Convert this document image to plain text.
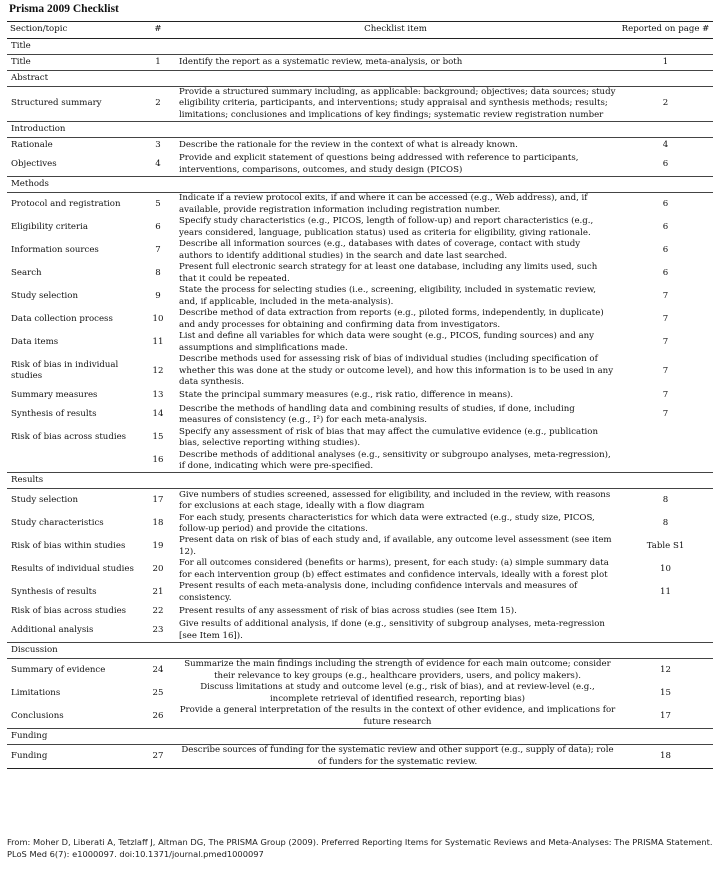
Prisma 2009 Checklist
Section/topic	#	Checklist item	Reported on page #
Title			
Title	1	Identify the report as a systematic review, meta-analysis, or both	1
Abstract			
Structured summary	2	Provide a structured summary including, as applicable: background; objectives; data sources; study eligibility criteria, participants, and interventions; study appraisal and synthesis methods; results; limitations; conclusiones and implications of key findings; systematic review registration number	2
Introduction			
Rationale	3	Describe the rationale for the review in the context of what is already known.	4
Objectives	4	Provide and explicit statement of questions being addressed with reference to participants, interventions, comparisons, outcomes, and study design (PICOS)	6
Methods			
Protocol and registration	5	Indicate if a review protocol exits, if and where it can be accessed (e.g., Web address), and, if available, provide registration information including registration number.	6
Eligibility criteria	6	Specify study characteristics (e.g., PICOS, length of follow-up) and report characteristics (e.g., years considered, language, publication status) used as criteria for eligibility, giving rationale.	6
Information sources	7	Describe all information sources (e.g., databases with dates of coverage, contact with study authors to identify additional studies) in the search and date last searched.	6
Search	8	Present full electronic search strategy for at least one database, including any limits used, such that it could be repeated.	6
Study selection	9	State the process for selecting studies (i.e., screening, eligibility, included in systematic review, and, if applicable, included in the meta-analysis).	7
Data collection process	10	Describe method of data extraction from reports (e.g., piloted forms, independently, in duplicate) and andy processes for obtaining and confirming data from investigators.	7
Data items	11	List and define all variables for which data were sought (e.g., PICOS, funding sources) and any assumptions and simplifications made.	7
Risk of bias in individual studies	12	Describe methods used for assessing risk of bias of individual studies (including specification of whether this was done at the study or outcome level), and how this information is to be used in any data synthesis.	7
Summary measures	13	State the principal summary measures (e.g., risk ratio, difference in means).	7
Synthesis of results	14	Describe the methods of handling data and combining results of studies, if done, including measures of consistency (e.g., I²) for each meta-analysis.	7
Risk of bias across studies	15	Specify any assessment of risk of bias that may affect the cumulative evidence (e.g., publication bias, selective reporting withing studies).	
	16	Describe methods of additional analyses (e.g., sensitivity or subgroupo analyses, meta-regression), if done, indicating which were pre-specified.	
Results			
Study selection	17	Give numbers of studies screened, assessed for eligibility, and included in the review, with reasons for exclusions at each stage, ideally with a flow diagram	8
Study characteristics	18	For each study, presents characteristics for which data were extracted (e.g., study size, PICOS, follow-up period) and provide the citations.	8
Risk of bias within studies	19	Present data on risk of bias of each study and, if available, any outcome level assessment (see item 12).	Table S1
Results of individual studies	20	For all outcomes considered (benefits or harms), present, for each study: (a) simple summary data for each intervention group (b) effect estimates and confidence intervals, ideally with a forest plot	10
Synthesis of results	21	Present results of each meta-analysis done, including confidence intervals and measures of consistency.	11
Risk of bias across studies	22	Present results of any assessment of risk of bias across studies (see Item 15).	
Additional analysis	23	Give results of additional analysis, if done (e.g., sensitivity of subgroup analyses, meta-regression [see Item 16]).	
Discussion			
Summary of evidence	24	Summarize the main findings including the strength of evidence for each main outcome; consider their relevance to key groups (e.g., healthcare providers, users, and policy makers).	12
Limitations	25	Discuss limitations at study and outcome level (e.g., risk of bias), and at review-level (e.g., incomplete retrieval of identified research, reporting bias)	15
Conclusions	26	Provide a general interpretation of the results in the context of other evidence, and implications for future research	17
Funding			
Funding	27	Describe sources of funding for the systematic review and other support (e.g., supply of data); role of funders for the systematic review.	18
From: Moher D, Liberati A, Tetzlaff J, Altman DG, The PRISMA Group (2009). Preferred Reporting Items for Systematic Reviews and Meta-Analyses: The PRISMA Statement. PLoS Med 6(7): e1000097. doi:10.1371/journal.pmed1000097
